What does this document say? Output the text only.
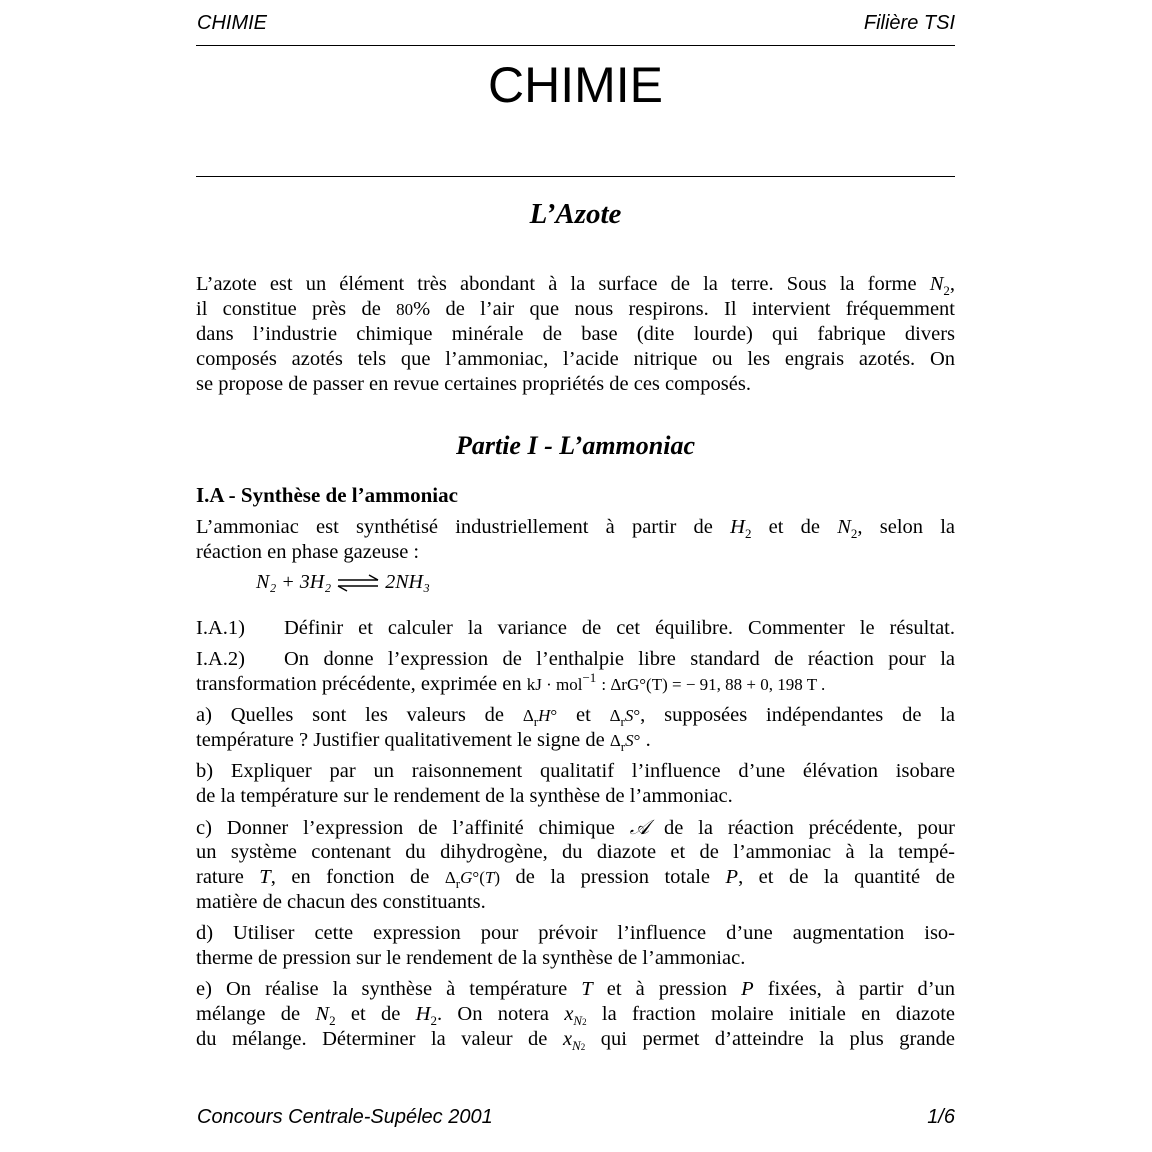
CHIMIE	Filière TSI
CHIMIE
L’Azote
L’azote est un élément très abondant à la surface de la terre. Sous la forme $N_2$,
il constitue près de 80% de l’air que nous respirons. Il intervient fréquemment
dans l’industrie chimique minérale de base (dite lourde) qui fabrique divers
composés azotés tels que l’ammoniac, l’acide nitrique ou les engrais azotés. On
se propose de passer en revue certaines propriétés de ces composés.
Partie I - L’ammoniac
I.A - Synthèse de l’ammoniac
L’ammoniac est synthétisé industriellement à partir de $H_2$ et de $N_2$, selon la
réaction en phase gazeuse :
N₂ + 3H₂ ⇌ 2NH₃
I.A.1) Définir et calculer la variance de cet équilibre. Commenter le résultat.
I.A.2) On donne l’expression de l’enthalpie libre standard de réaction pour la
transformation précédente, exprimée en kJ · mol$^{-1}$ : ΔrG°(T) = − 91, 88 + 0, 198 T .
a) Quelles sont les valeurs de $\Delta_rH^\circ$ et $\Delta_rS^\circ$, supposées indépendantes de la
température ? Justifier qualitativement le signe de $\Delta_rS^\circ$ .
b) Expliquer par un raisonnement qualitatif l’influence d’une élévation isobare
de la température sur le rendement de la synthèse de l’ammoniac.
c) Donner l’expression de l’affinité chimique 𝒜 de la réaction précédente, pour
un système contenant du dihydrogène, du diazote et de l’ammoniac à la tempé-
rature T, en fonction de $\Delta_rG^\circ(T)$ de la pression totale P, et de la quantité de
matière de chacun des constituants.
d) Utiliser cette expression pour prévoir l’influence d’une augmentation iso-
therme de pression sur le rendement de la synthèse de l’ammoniac.
e) On réalise la synthèse à température T et à pression P fixées, à partir d’un
mélange de $N_2$ et de $H_2$. On notera $x_{N2}$ la fraction molaire initiale en diazote
du mélange. Déterminer la valeur de $x_{N2}$ qui permet d’atteindre la plus grande
Concours Centrale-Supélec 2001	1/6
